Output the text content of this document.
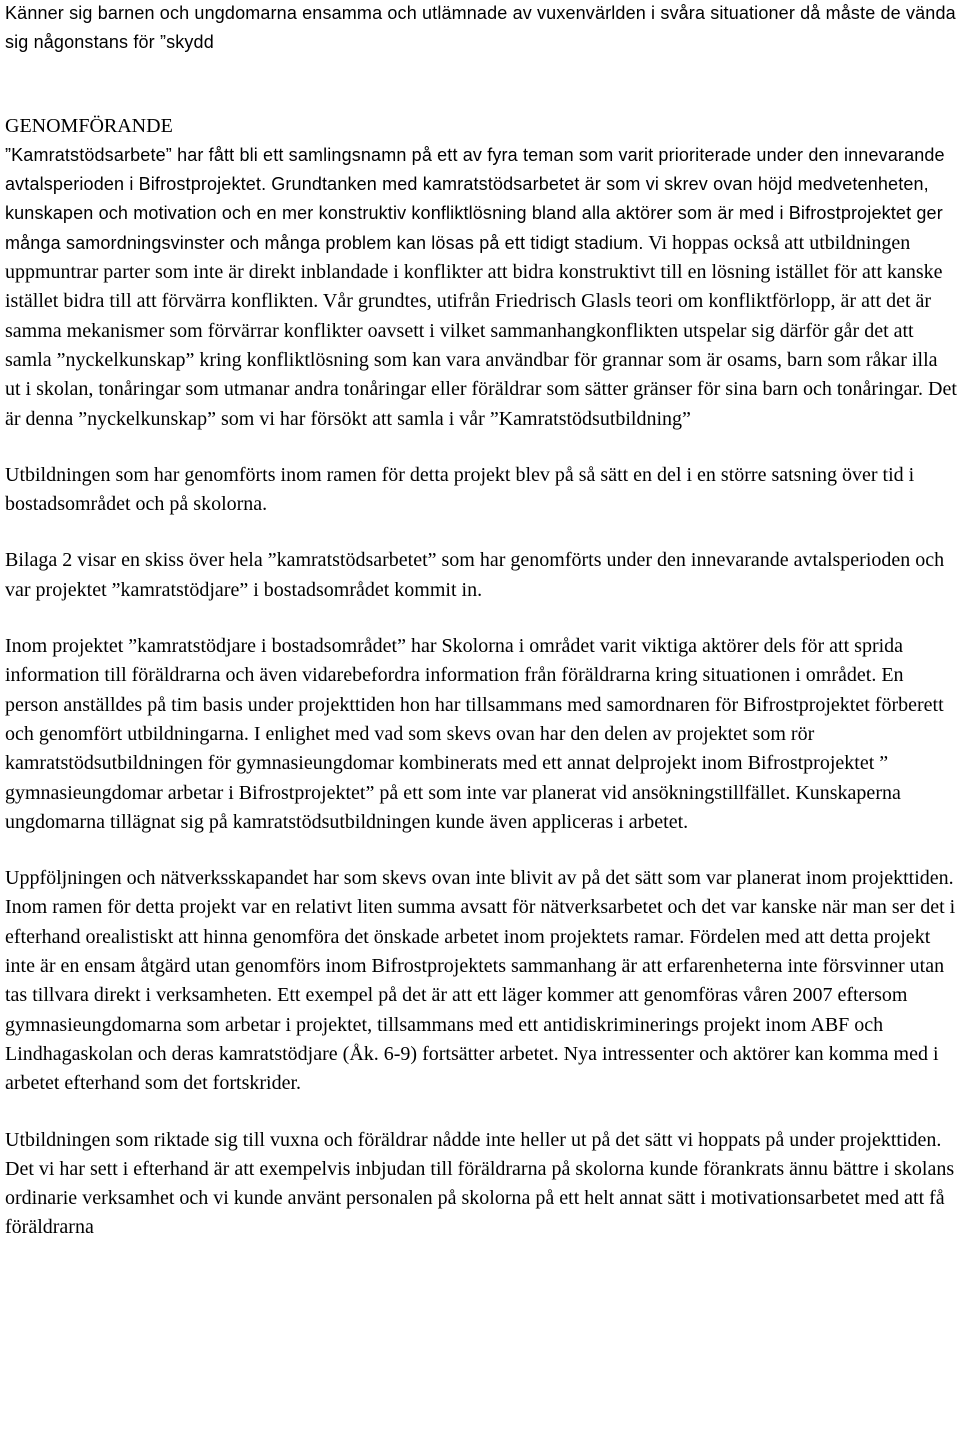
Känner sig barnen och ungdomarna ensamma och utlämnade av vuxenvärlden i svåra situationer då måste de vända sig någonstans för ”skydd

GENOMFÖRANDE

”Kamratstödsarbete” har fått bli ett samlingsnamn på ett av fyra teman som varit prioriterade under den innevarande avtalsperioden i Bifrostprojektet. Grundtanken med kamratstödsarbetet är som vi skrev ovan höjd medvetenheten, kunskapen och motivation och en mer konstruktiv konfliktlösning bland alla aktörer som är med i Bifrostprojektet ger många samordningsvinster och många problem kan lösas på ett tidigt stadium. Vi hoppas också att utbildningen uppmuntrar parter som inte är direkt inblandade i konflikter att bidra konstruktivt till en lösning istället för att kanske istället bidra till att förvärra konflikten. Vår grundtes, utifrån Friedrisch Glasls teori om konfliktförlopp, är att det är samma mekanismer som förvärrar konflikter oavsett i vilket sammanhangkonflikten utspelar sig därför går det att samla ”nyckelkunskap” kring konfliktlösning som kan vara användbar för grannar som är osams, barn som råkar illa ut i skolan, tonåringar som utmanar andra tonåringar eller föräldrar som sätter gränser för sina barn och tonåringar. Det är denna ”nyckelkunskap” som vi har försökt att samla i vår ”Kamratstödsutbildning”

Utbildningen som har genomförts inom ramen för detta projekt blev på så sätt en del i en större satsning över tid i bostadsområdet och på skolorna.

Bilaga 2 visar en skiss över hela ”kamratstödsarbetet” som har genomförts under den innevarande avtalsperioden och var projektet ”kamratstödjare” i bostadsområdet kommit in.

Inom projektet ”kamratstödjare i bostadsområdet” har Skolorna i området varit viktiga aktörer dels för att sprida information till föräldrarna och även vidarebefordra information från föräldrarna kring situationen i området. En person anställdes på tim basis under projekttiden hon har tillsammans med samordnaren för Bifrostprojektet förberett och genomfört utbildningarna. I enlighet med vad som skevs ovan har den delen av projektet som rör kamratstödsutbildningen för gymnasieungdomar kombinerats med ett annat delprojekt inom Bifrostprojektet ” gymnasieungdomar arbetar i Bifrostprojektet” på ett som inte var planerat vid ansökningstillfället. Kunskaperna ungdomarna tillägnat sig på kamratstödsutbildningen kunde även appliceras i arbetet.

Uppföljningen och nätverksskapandet har som skevs ovan inte blivit av på det sätt som var planerat inom projekttiden. Inom ramen för detta projekt var en relativt liten summa avsatt för nätverksarbetet och det var kanske när man ser det i efterhand orealistiskt att hinna genomföra det önskade arbetet inom projektets ramar. Fördelen med att detta projekt inte är en ensam åtgärd utan genomförs inom Bifrostprojektets sammanhang är att erfarenheterna inte försvinner utan tas tillvara direkt i verksamheten. Ett exempel på det är att ett läger kommer att genomföras våren 2007 eftersom gymnasieungdomarna som arbetar i projektet, tillsammans med ett antidiskriminerings projekt inom ABF och Lindhagaskolan och deras kamratstödjare (Åk. 6-9) fortsätter arbetet. Nya intressenter och aktörer kan komma med i arbetet efterhand som det fortskrider.

Utbildningen som riktade sig till vuxna och föräldrar nådde inte heller ut på det sätt vi hoppats på under projekttiden. Det vi har sett i efterhand är att exempelvis inbjudan till föräldrarna på skolorna kunde förankrats ännu bättre i skolans ordinarie verksamhet och vi kunde använt personalen på skolorna på ett helt annat sätt i motivationsarbetet med att få föräldrarna
